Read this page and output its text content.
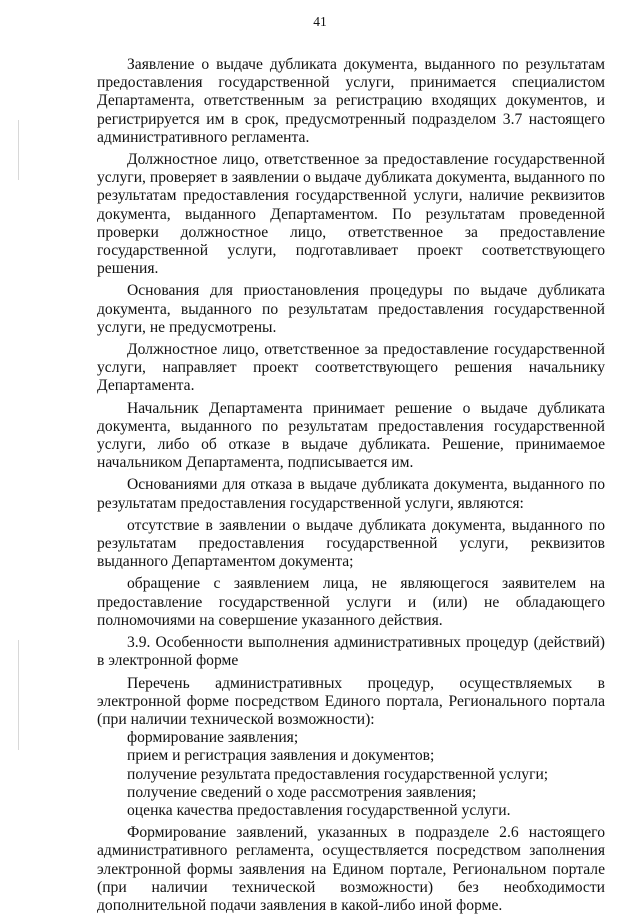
41

Заявление о выдаче дубликата документа, выданного по результатам предоставления государственной услуги, принимается специалистом Департамента, ответственным за регистрацию входящих документов, и регистрируется им в срок, предусмотренный подразделом 3.7 настоящего административного регламента.

Должностное лицо, ответственное за предоставление государственной услуги, проверяет в заявлении о выдаче дубликата документа, выданного по результатам предоставления государственной услуги, наличие реквизитов документа, выданного Департаментом. По результатам проведенной проверки должностное лицо, ответственное за предоставление государственной услуги, подготавливает проект соответствующего решения.

Основания для приостановления процедуры по выдаче дубликата документа, выданного по результатам предоставления государственной услуги, не предусмотрены.

Должностное лицо, ответственное за предоставление государственной услуги, направляет проект соответствующего решения начальнику Департамента.

Начальник Департамента принимает решение о выдаче дубликата документа, выданного по результатам предоставления государственной услуги, либо об отказе в выдаче дубликата. Решение, принимаемое начальником Департамента, подписывается им.

Основаниями для отказа в выдаче дубликата документа, выданного по результатам предоставления государственной услуги, являются:

отсутствие в заявлении о выдаче дубликата документа, выданного по результатам предоставления государственной услуги, реквизитов выданного Департаментом документа;

обращение с заявлением лица, не являющегося заявителем на предоставление государственной услуги и (или) не обладающего полномочиями на совершение указанного действия.

3.9. Особенности выполнения административных процедур (действий) в электронной форме

Перечень административных процедур, осуществляемых в электронной форме посредством Единого портала, Регионального портала (при наличии технической возможности):

формирование заявления;

прием и регистрация заявления и документов;

получение результата предоставления государственной услуги;

получение сведений о ходе рассмотрения заявления;

оценка качества предоставления государственной услуги.

Формирование заявлений, указанных в подразделе 2.6 настоящего административного регламента, осуществляется посредством заполнения электронной формы заявления на Едином портале, Региональном портале (при наличии технической возможности) без необходимости дополнительной подачи заявления в какой-либо иной форме.
